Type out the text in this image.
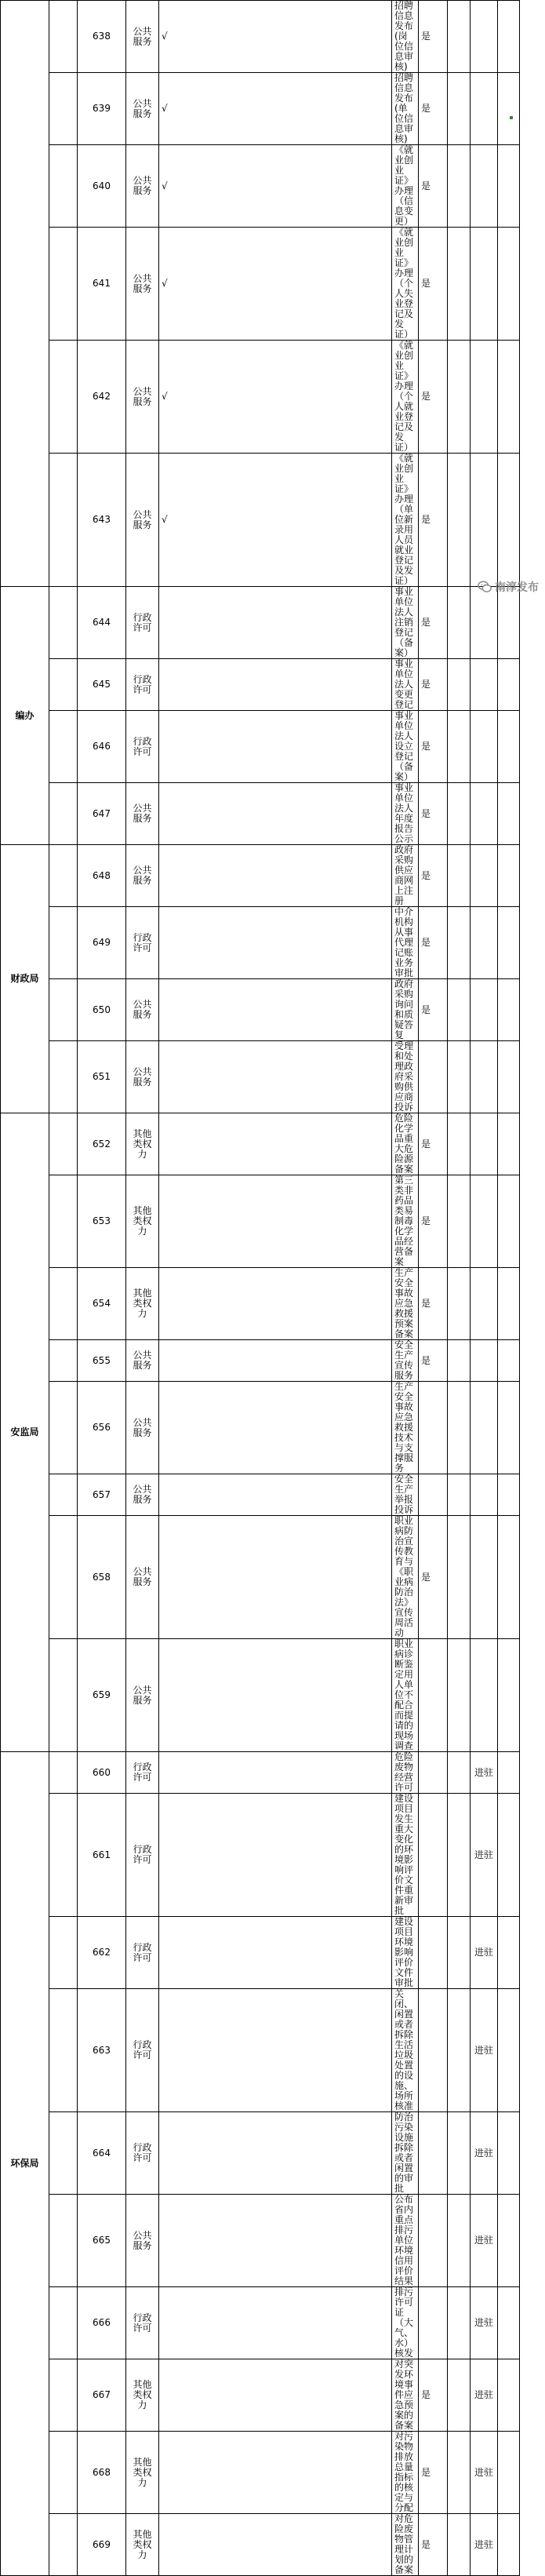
		638	公共服务	√	招聘信息发布(岗位信息审核)	是			
		639	公共服务	√	招聘信息发布(单位信息审核)	是			
		640	公共服务	√	《就业创业证》办理（信息变更）	是			
		641	公共服务	√	《就业创业证》办理（个人失业登记及发证）	是			
		642	公共服务	√	《就业创业证》办理（个人就业登记及发证）	是			
		643	公共服务	√	《就业创业证》办理（单位新录用人员就业登记及发证）	是			
编办		644	行政许可		事业单位法人注销登记（备案）	是			
		645	行政许可		事业单位法人变更登记	是			
		646	行政许可		事业单位法人设立登记（备案）	是			
		647	公共服务		事业单位法人年度报告公示	是			
财政局		648	公共服务		政府采购供应商网上注册	是			
		649	行政许可		中介机构从事代理记账业务审批	是			
		650	公共服务		政府采购询问和质疑答复	是			
		651	公共服务		受理和处理政府采购供应商投诉				
安监局		652	其他类权力		危险化学品重大危险源备案	是			
		653	其他类权力		第三类非药品类易制毒化学品经营备案	是			
		654	其他类权力		生产安全事故应急救援预案备案	是			
		655	公共服务		安全生产宣传服务	是			
		656	公共服务		生产安全事故应急救援技术与支撑服务				
		657	公共服务		安全生产举报投诉				
		658	公共服务		职业病防治宣传教育与《职业病防治法》宣传周活动	是			
		659	公共服务		职业病诊断鉴定用人单位不配合而提请的现场调查				
环保局		660	行政许可		危险废物经营许可			进驻	
		661	行政许可		建设项目发生重大变化的环境影响评价文件重新审批			进驻	
		662	行政许可		建设项目环境影响评价文件审批			进驻	
		663	行政许可		关闭、闲置或者拆除生活垃圾处置的设施、场所核准			进驻	
		664	行政许可		防治污染设施拆除或者闲置的审批			进驻	
		665	公共服务		公布省内重点排污单位环境信用评价结果			进驻	
		666	行政许可		排污许可证（大气、水）核发			进驻	
		667	其他类权力		对突发环境事件应急预案的备案	是		进驻	
		668	其他类权力		对污染物排放总量指标的核定与分配	是		进驻	
		669	其他类权力		对危险废物管理计划的备案	是		进驻	
南淳发布
